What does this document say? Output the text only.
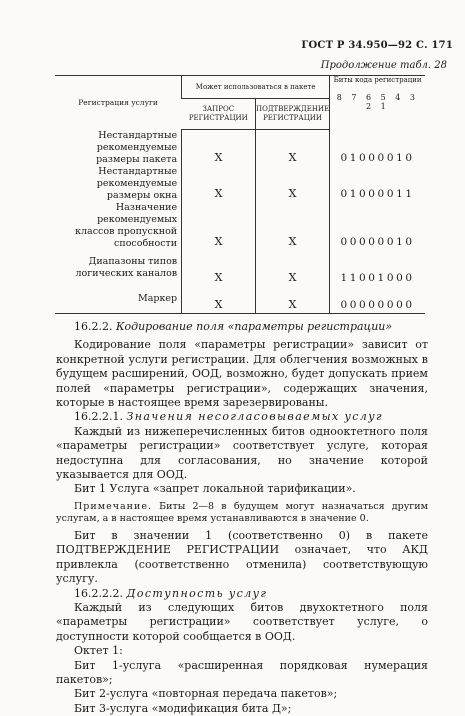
ГОСТ Р 34.950—92 С. 171
Продолжение табл. 28
Регистрация услуги	Может использоваться в пакете		Биты кода регистрации
8 7 6 5 4 3 2 1

	ЗАПРОС РЕГИСТРАЦИИ	ПОДТВЕРЖДЕНИЕ РЕГИСТРАЦИИ	
Нестандартные рекомендуемые размеры пакета	X	X	01000010
Нестандартные рекомендуемые размеры окна	X	X	01000011
Назначение рекомендуемых классов пропускной способности	X	X	00000010
Диапазоны типов логических каналов	X	X	11001000
Маркер	X	X	00000000

16.2.2. Кодирование поля «параметры регистрации»

Кодирование поля «параметры регистрации» зависит от конкретной услуги регистрации. Для облегчения возможных в будущем расширений, ООД, возможно, будет допускать прием полей «параметры регистрации», содержащих значения, которые в настоящее время зарезервированы.

16.2.2.1. Значения несогласовываемых услуг

Каждый из нижеперечисленных битов однооктетного поля «параметры регистрации» соответствует услуге, которая недоступна для согласования, но значение которой указывается для ООД.

Бит 1 Услуга «запрет локальной тарификации».

Примечание. Биты 2—8 в будущем могут назначаться другим услугам, а в настоящее время устанавливаются в значение 0.

Бит в значении 1 (соответственно 0) в пакете ПОДТВЕРЖДЕНИЕ РЕГИСТРАЦИИ означает, что АКД привлекла (соответственно отменила) соответствующую услугу.

16.2.2.2. Доступность услуг

Каждый из следующих битов двухоктетного поля «параметры регистрации» соответствует услуге, о доступности которой сообщается в ООД.

Октет 1:

Бит 1-услуга «расширенная порядковая нумерация пакетов»;

Бит 2-услуга «повторная передача пакетов»;

Бит 3-услуга «модификация бита Д»;
